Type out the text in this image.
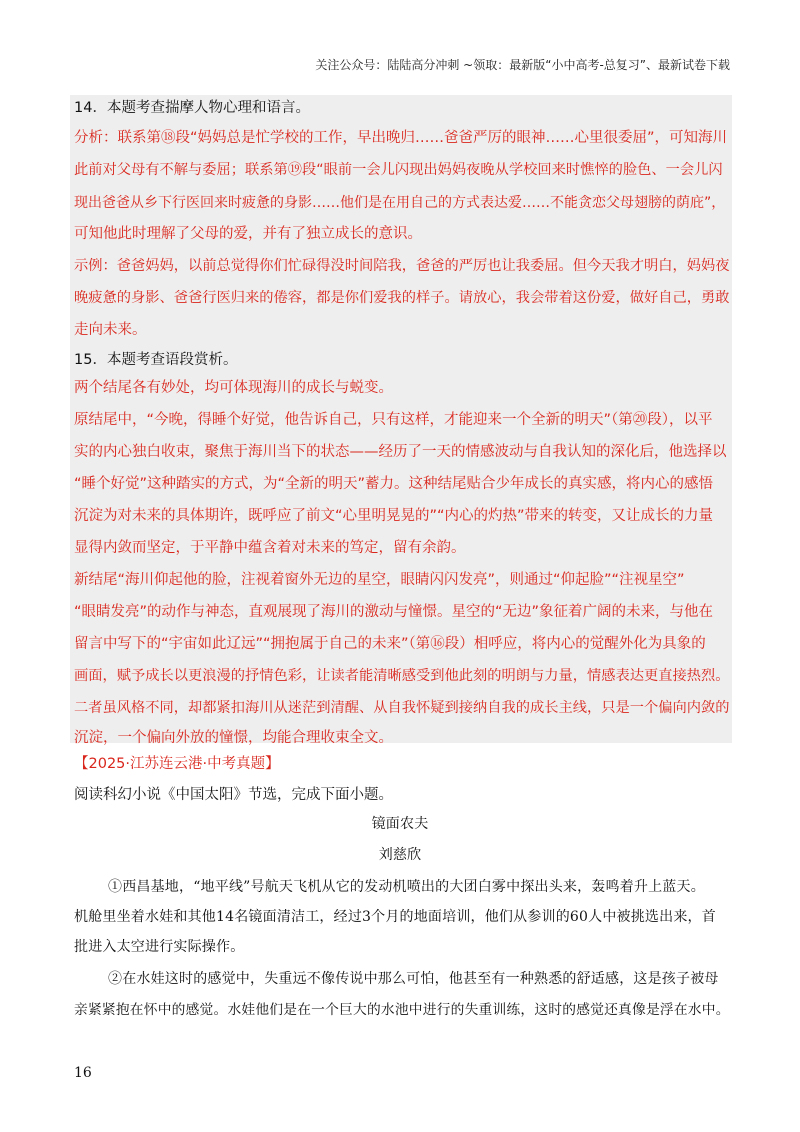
关注公众号：陆陆高分冲刺 ~领取：最新版“小中高考-总复习”、最新试卷下载
14．本题考查揣摩人物心理和语言。
分析：联系第⑱段“妈妈总是忙学校的工作，早出晚归……爸爸严厉的眼神……心里很委屈”，可知海川
此前对父母有不解与委屈；联系第⑲段“眼前一会儿闪现出妈妈夜晚从学校回来时憔悴的脸色、一会儿闪
现出爸爸从乡下行医回来时疲惫的身影……他们是在用自己的方式表达爱……不能贪恋父母翅膀的荫庇”，
可知他此时理解了父母的爱，并有了独立成长的意识。
示例：爸爸妈妈，以前总觉得你们忙碌得没时间陪我，爸爸的严厉也让我委屈。但今天我才明白，妈妈夜
晚疲惫的身影、爸爸行医归来的倦容，都是你们爱我的样子。请放心，我会带着这份爱，做好自己，勇敢
走向未来。
15．本题考查语段赏析。
两个结尾各有妙处，均可体现海川的成长与蜕变。
原结尾中，“今晚，得睡个好觉，他告诉自己，只有这样，才能迎来一个全新的明天”（第⑳段），以平
实的内心独白收束，聚焦于海川当下的状态——经历了一天的情感波动与自我认知的深化后，他选择以
“睡个好觉”这种踏实的方式，为“全新的明天”蓄力。这种结尾贴合少年成长的真实感，将内心的感悟
沉淀为对未来的具体期许，既呼应了前文“心里明晃晃的”“内心的灼热”带来的转变，又让成长的力量
显得内敛而坚定，于平静中蕴含着对未来的笃定，留有余韵。
新结尾“海川仰起他的脸，注视着窗外无边的星空，眼睛闪闪发亮”，则通过“仰起脸”“注视星空”
“眼睛发亮”的动作与神态，直观展现了海川的激动与憧憬。星空的“无边”象征着广阔的未来，与他在
留言中写下的“宇宙如此辽远”“拥抱属于自己的未来”（第⑯段）相呼应，将内心的觉醒外化为具象的
画面，赋予成长以更浪漫的抒情色彩，让读者能清晰感受到他此刻的明朗与力量，情感表达更直接热烈。
二者虽风格不同，却都紧扣海川从迷茫到清醒、从自我怀疑到接纳自我的成长主线，只是一个偏向内敛的
沉淀，一个偏向外放的憧憬，均能合理收束全文。
【2025·江苏连云港·中考真题】
阅读科幻小说《中国太阳》节选，完成下面小题。
镜面农夫
刘慈欣
①西昌基地，“地平线”号航天飞机从它的发动机喷出的大团白雾中探出头来，轰鸣着升上蓝天。
机舱里坐着水娃和其他14名镜面清洁工，经过3个月的地面培训，他们从参训的60人中被挑选出来，首
批进入太空进行实际操作。
②在水娃这时的感觉中，失重远不像传说中那么可怕，他甚至有一种熟悉的舒适感，这是孩子被母
亲紧紧抱在怀中的感觉。水娃他们是在一个巨大的水池中进行的失重训练，这时的感觉还真像是浮在水中。
16
